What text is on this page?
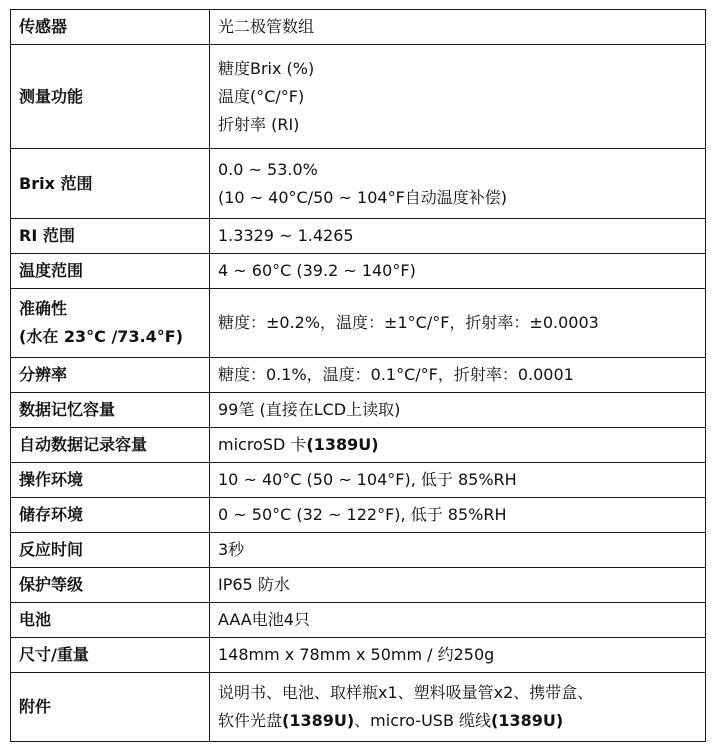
传感器	光二极管数组

测量功能	糖度Brix (%)
温度(°C/°F)
折射率 (RI)

Brix 范围	0.0 ~ 53.0%
(10 ~ 40°C/50 ~ 104°F自动温度补偿)

RI 范围	1.3329 ~ 1.4265

温度范围	4 ~ 60°C (39.2 ~ 140°F)

准确性
(水在 23°C /73.4°F)	糖度：±0.2%，温度：±1°C/°F，折射率：±0.0003

分辨率	糖度：0.1%，温度：0.1°C/°F，折射率：0.0001

数据记忆容量	99笔 (直接在LCD上读取)

自动数据记录容量	microSD 卡(1389U)
操作环境	10 ~ 40°C (50 ~ 104°F), 低于 85%RH

储存环境	0 ~ 50°C (32 ~ 122°F), 低于 85%RH

反应时间	3秒

保护等级	IP65 防水

电池	AAA电池4只

尺寸/重量	148mm x 78mm x 50mm / 约250g

附件	说明书、电池、取样瓶x1、塑料吸量管x2、携带盒、
软件光盘(1389U)、micro-USB 缆线(1389U)
